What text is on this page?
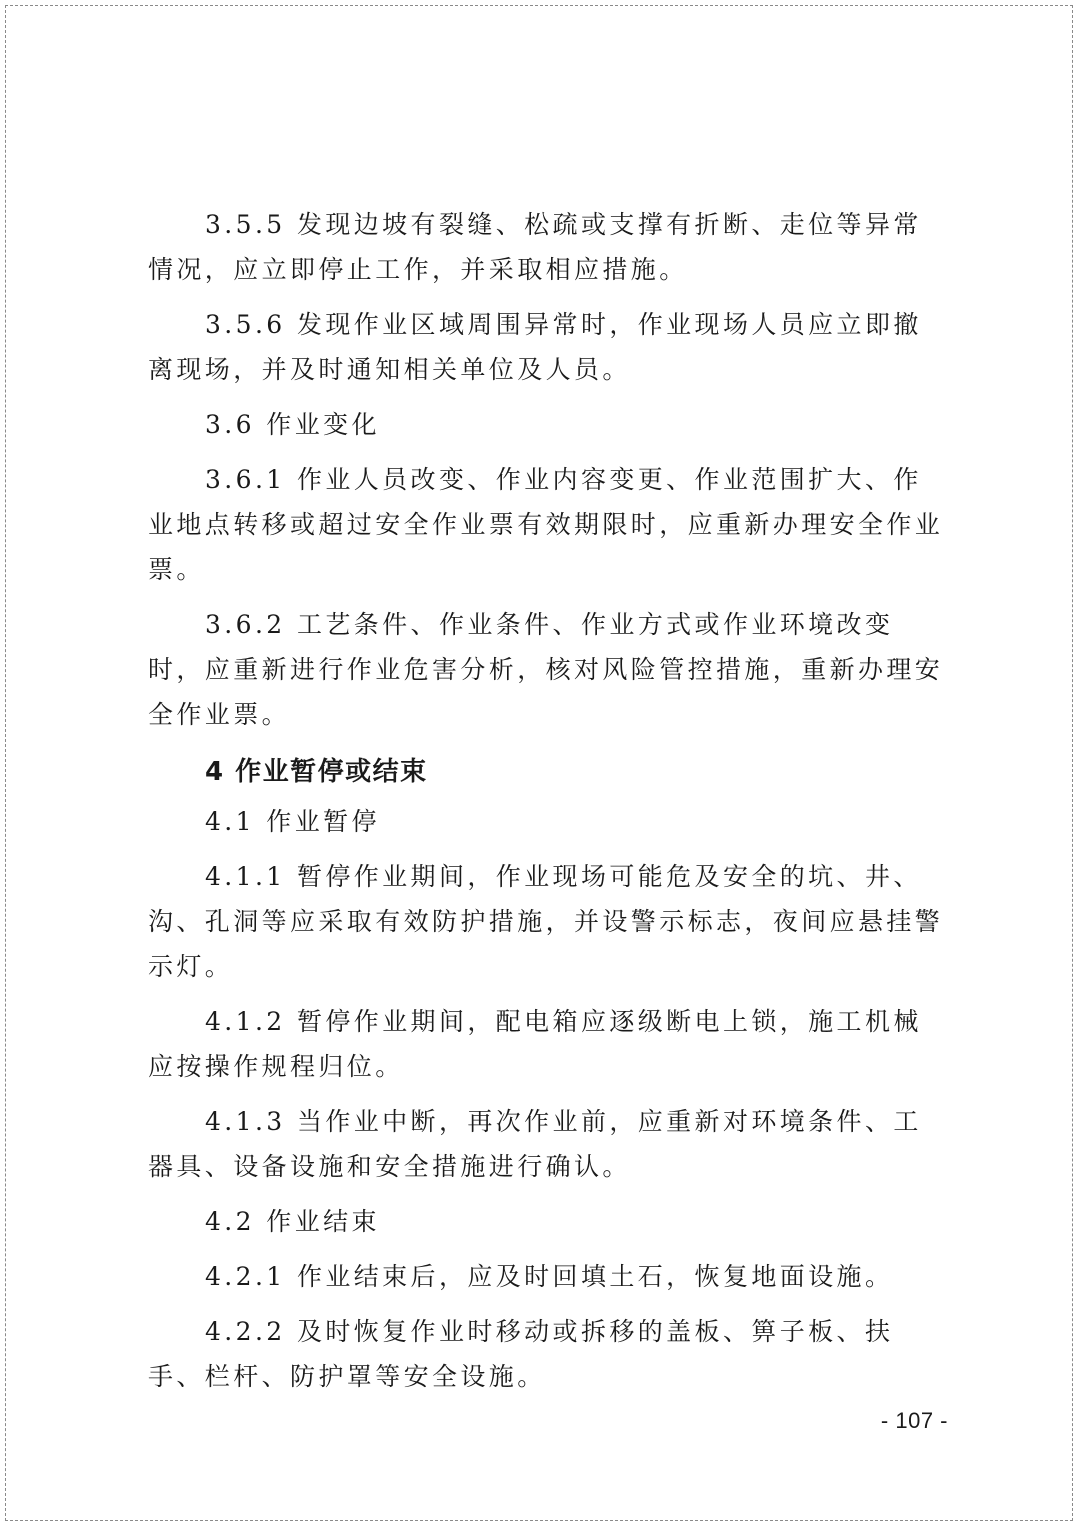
3.5.5 发现边坡有裂缝、松疏或支撑有折断、走位等异常情况，应立即停止工作，并采取相应措施。

3.5.6 发现作业区域周围异常时，作业现场人员应立即撤离现场，并及时通知相关单位及人员。

3.6 作业变化

3.6.1 作业人员改变、作业内容变更、作业范围扩大、作业地点转移或超过安全作业票有效期限时，应重新办理安全作业票。

3.6.2 工艺条件、作业条件、作业方式或作业环境改变时，应重新进行作业危害分析，核对风险管控措施，重新办理安全作业票。

4 作业暂停或结束

4.1 作业暂停

4.1.1 暂停作业期间，作业现场可能危及安全的坑、井、沟、孔洞等应采取有效防护措施，并设警示标志，夜间应悬挂警示灯。

4.1.2 暂停作业期间，配电箱应逐级断电上锁，施工机械应按操作规程归位。

4.1.3 当作业中断，再次作业前，应重新对环境条件、工器具、设备设施和安全措施进行确认。

4.2 作业结束

4.2.1 作业结束后，应及时回填土石，恢复地面设施。

4.2.2 及时恢复作业时移动或拆移的盖板、箅子板、扶手、栏杆、防护罩等安全设施。

- 107 -
